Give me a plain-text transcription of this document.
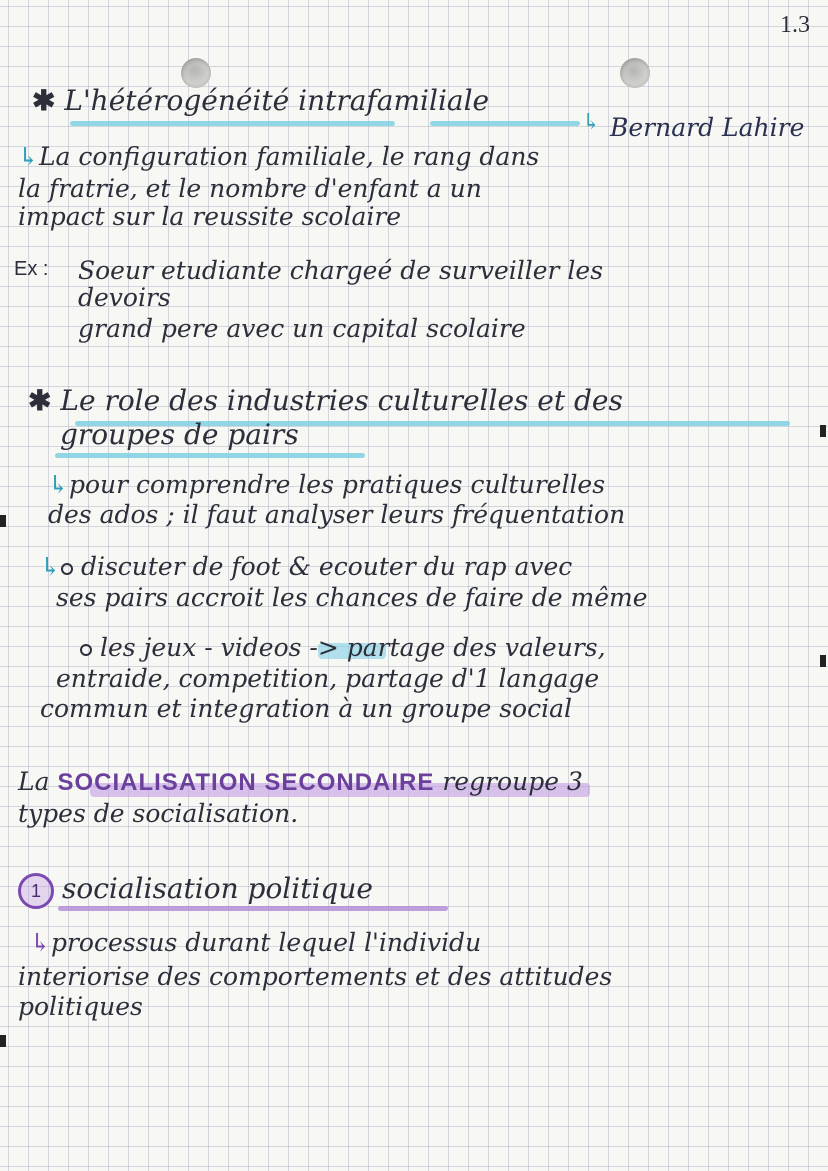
1.3
✱ L'hétérogénéité intrafamiliale
↳ Bernard Lahire
↳La configuration familiale, le rang dans
la fratrie, et le nombre d'enfant a un
impact sur la reussite scolaire
Ex : Soeur etudiante chargeé de surveiller les
devoirs
grand pere avec un capital scolaire
✱ Le role des industries culturelles et des
groupes de pairs
↳pour comprendre les pratiques culturelles
des ados ; il faut analyser leurs fréquentation
↳ discuter de foot & ecouter du rap avec
ses pairs accroit les chances de faire de même
les jeux - videos -> partage des valeurs,
entraide, competition, partage d'1 langage
commun et integration à un groupe social
La SOCIALISATION SECONDAIRE regroupe 3
types de socialisation.
1 socialisation politique
↳processus durant lequel l'individu
interiorise des comportements et des attitudes
politiques
